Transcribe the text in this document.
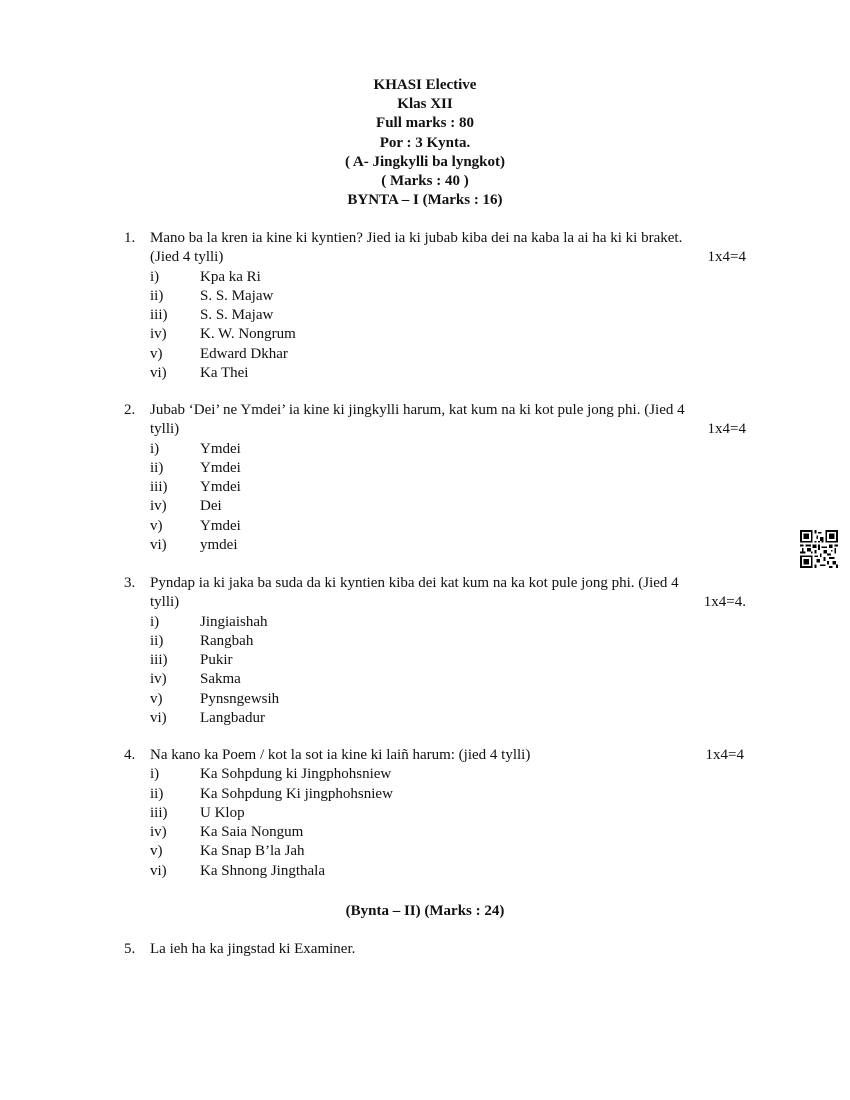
KHASI Elective
Klas XII
Full marks : 80
Por : 3 Kynta.
( A- Jingkylli ba lyngkot)
( Marks : 40 )
BYNTA – I (Marks : 16)
1. Mano ba la kren ia kine ki kyntien? Jied ia ki jubab kiba dei na kaba la ai ha ki ki braket.
(Jied 4 tylli)	1x4=4
i)	Kpa ka Ri
ii) S. S. Majaw
iii) S. S. Majaw
iv) K. W. Nongrum
v)	Edward Dkhar
vi) Ka Thei
2. Jubab ‘Dei’ ne Ymdei’ ia kine ki jingkylli harum, kat kum na ki kot pule jong phi. (Jied 4
tylli)	1x4=4
i)	Ymdei
ii) Ymdei
iii) Ymdei
iv) Dei
v)	Ymdei
vi) ymdei
3. Pyndap ia ki jaka ba suda da ki kyntien kiba dei kat kum na ka kot pule jong phi. (Jied 4
tylli)	1x4=4.
i)	Jingiaishah
ii) Rangbah
iii) Pukir
iv) Sakma
v)	Pynsngewsih
vi) Langbadur
4. Na kano ka Poem / kot la sot ia kine ki laiñ harum: (jied 4 tylli)	1x4=4
i)	Ka Sohpdung ki Jingphohsniew
ii) Ka Sohpdung Ki jingphohsniew
iii) U Klop
iv) Ka Saia Nongum
v)	Ka Snap B’la Jah
vi) Ka Shnong Jingthala
(Bynta – II) (Marks : 24)
5. La ieh ha ka jingstad ki Examiner.
